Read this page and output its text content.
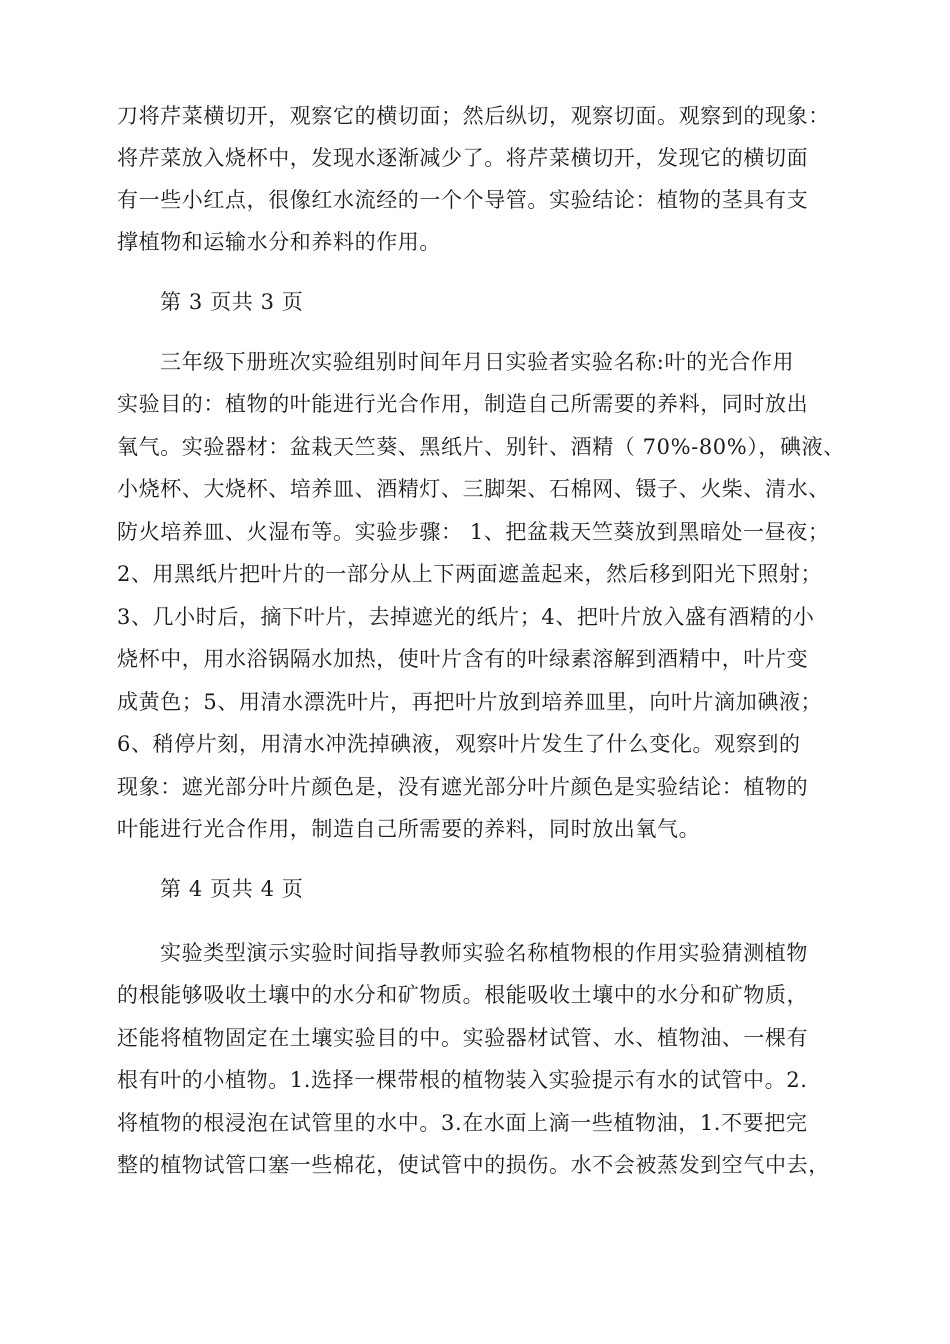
刀将芹菜横切开，观察它的横切面；然后纵切，观察切面。观察到的现象：
将芹菜放入烧杯中，发现水逐渐减少了。将芹菜横切开，发现它的横切面
有一些小红点，很像红水流经的一个个导管。实验结论：植物的茎具有支
撑植物和运输水分和养料的作用。
第 3 页共 3 页
三年级下册班次实验组别时间年月日实验者实验名称:叶的光合作用
实验目的：植物的叶能进行光合作用，制造自己所需要的养料，同时放出
氧气。实验器材：盆栽天竺葵、黑纸片、别针、酒精（ 70%-80%），碘液、
小烧杯、大烧杯、培养皿、酒精灯、三脚架、石棉网、镊子、火柴、清水、
防火培养皿、火湿布等。实验步骤： 1、把盆栽天竺葵放到黑暗处一昼夜；
2、用黑纸片把叶片的一部分从上下两面遮盖起来，然后移到阳光下照射；
3、几小时后，摘下叶片，去掉遮光的纸片；4、把叶片放入盛有酒精的小
烧杯中，用水浴锅隔水加热，使叶片含有的叶绿素溶解到酒精中，叶片变
成黄色；5、用清水漂洗叶片，再把叶片放到培养皿里，向叶片滴加碘液；
6、稍停片刻，用清水冲洗掉碘液，观察叶片发生了什么变化。观察到的
现象：遮光部分叶片颜色是，没有遮光部分叶片颜色是实验结论：植物的
叶能进行光合作用，制造自己所需要的养料，同时放出氧气。
第 4 页共 4 页
实验类型演示实验时间指导教师实验名称植物根的作用实验猜测植物
的根能够吸收土壤中的水分和矿物质。根能吸收土壤中的水分和矿物质，
还能将植物固定在土壤实验目的中。实验器材试管、水、植物油、一棵有
根有叶的小植物。1.选择一棵带根的植物装入实验提示有水的试管中。2.
将植物的根浸泡在试管里的水中。3.在水面上滴一些植物油，1.不要把完
整的植物试管口塞一些棉花，使试管中的损伤。水不会被蒸发到空气中去，
